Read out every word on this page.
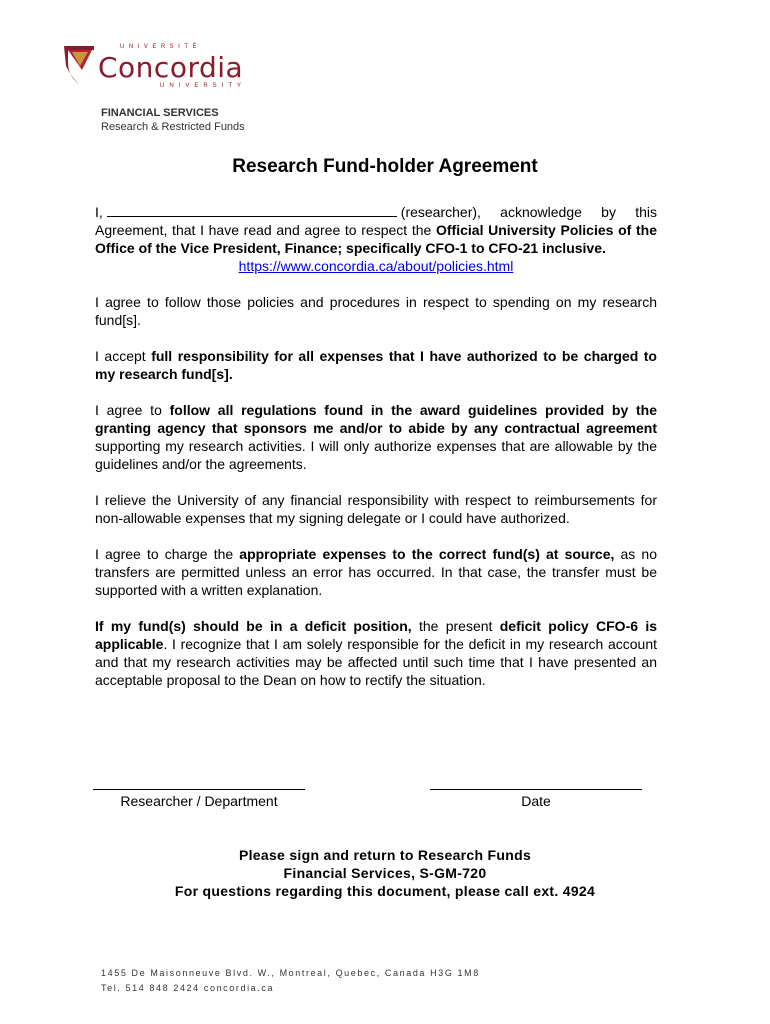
UNIVERSITÉ
Concordia
UNIVERSITY
FINANCIAL SERVICES
Research & Restricted Funds
Research Fund-holder Agreement

I,	(researcher), acknowledge by this Agreement, that I have read and agree to respect the Official University Policies of the Office of the Vice President, Finance; specifically CFO-1 to CFO-21 inclusive.

https://www.concordia.ca/about/policies.html

I agree to follow those policies and procedures in respect to spending on my research fund[s].

I accept full responsibility for all expenses that I have authorized to be charged to my research fund[s].

I agree to follow all regulations found in the award guidelines provided by the granting agency that sponsors me and/or to abide by any contractual agreement supporting my research activities. I will only authorize expenses that are allowable by the guidelines and/or the agreements.

I relieve the University of any financial responsibility with respect to reimbursements for non-allowable expenses that my signing delegate or I could have authorized.

I agree to charge the appropriate expenses to the correct fund(s) at source, as no transfers are permitted unless an error has occurred. In that case, the transfer must be supported with a written explanation.

If my fund(s) should be in a deficit position, the present deficit policy CFO-6 is applicable. I recognize that I am solely responsible for the deficit in my research account and that my research activities may be affected until such time that I have presented an acceptable proposal to the Dean on how to rectify the situation.

Researcher / Department	Date
Please sign and return to Research Funds
Financial Services, S-GM-720
For questions regarding this document, please call ext. 4924
1455 De Maisonneuve Blvd. W., Montreal, Quebec, Canada H3G 1M8
Tel. 514 848 2424 concordia.ca
